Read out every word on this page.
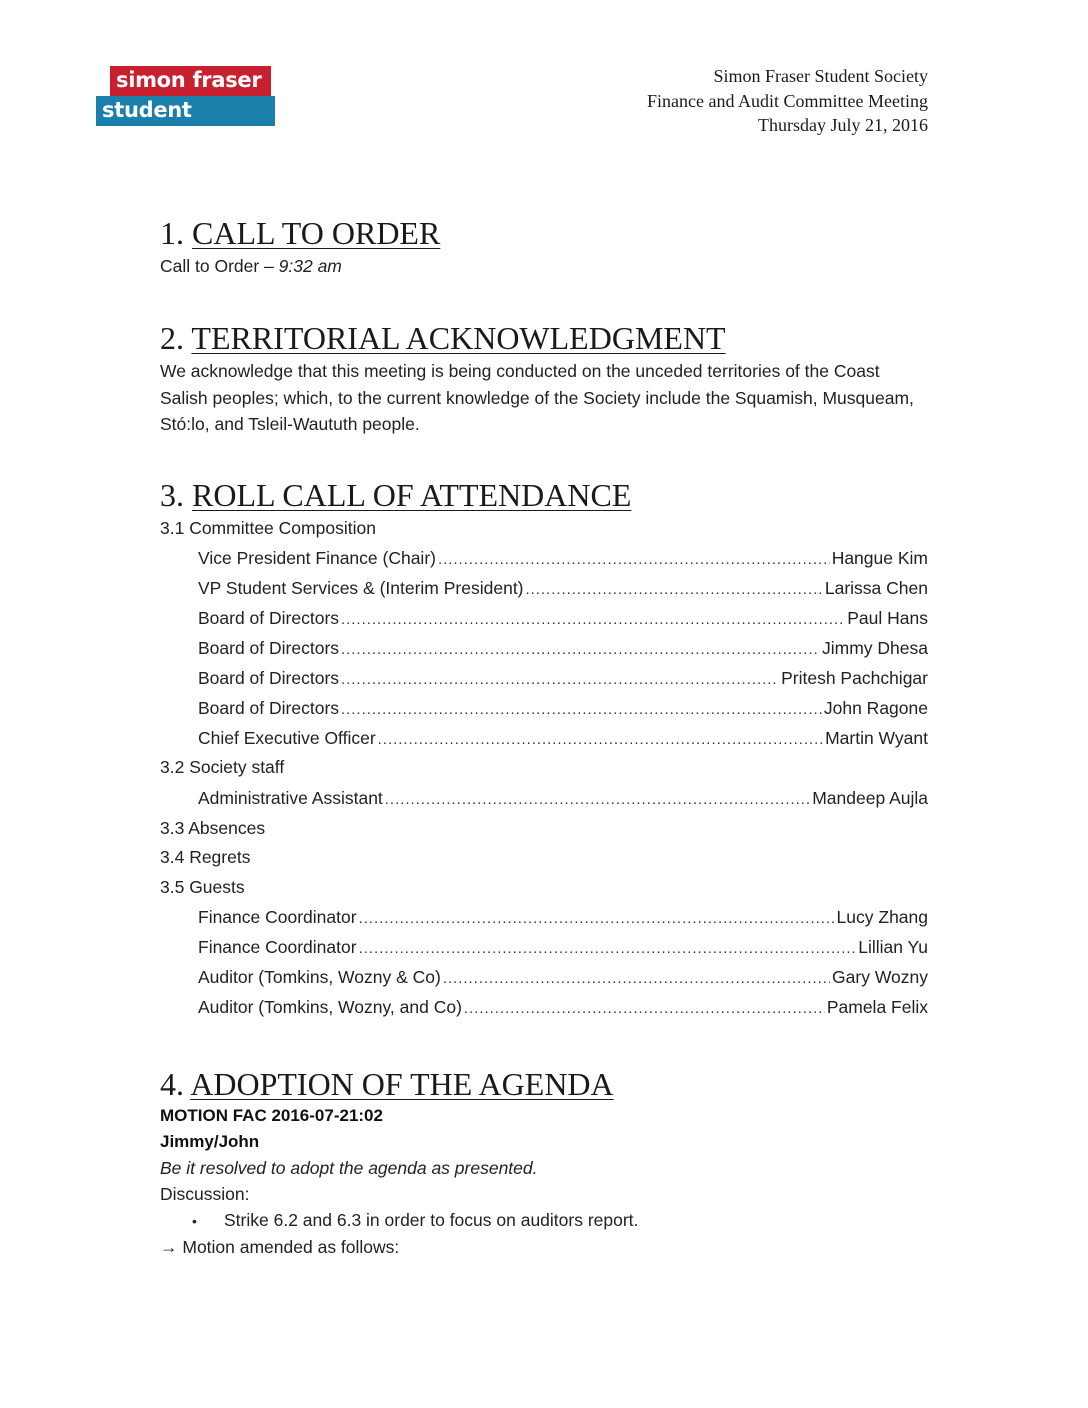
simon fraser
student society
Simon Fraser Student Society
Finance and Audit Committee Meeting
Thursday July 21, 2016
1. CALL TO ORDER
Call to Order – 9:32 am
2. TERRITORIAL ACKNOWLEDGMENT
We acknowledge that this meeting is being conducted on the unceded territories of the Coast Salish peoples; which, to the current knowledge of the Society include the Squamish, Musqueam, Stó:lo, and Tsleil-Waututh people.
3. ROLL CALL OF ATTENDANCE
3.1 Committee Composition
Vice President Finance (Chair) . . .	Hangue Kim
VP Student Services & (Interim President) . . .	Larissa Chen
Board of Directors . . .	Paul Hans
Board of Directors . . .	Jimmy Dhesa
Board of Directors . . .	Pritesh Pachchigar
Board of Directors . . .	John Ragone
Chief Executive Officer . . .	Martin Wyant
3.2 Society staff
Administrative Assistant . . .	Mandeep Aujla
3.3 Absences
3.4 Regrets
3.5 Guests
Finance Coordinator . . .	Lucy Zhang
Finance Coordinator . . .	Lillian Yu
Auditor (Tomkins, Wozny & Co) . . .	Gary Wozny
Auditor (Tomkins, Wozny, and Co) . . .	Pamela Felix
4. ADOPTION OF THE AGENDA
MOTION FAC 2016-07-21:02
Jimmy/John
Be it resolved to adopt the agenda as presented.
Discussion:
• Strike 6.2 and 6.3 in order to focus on auditors report.
→ Motion amended as follows:
